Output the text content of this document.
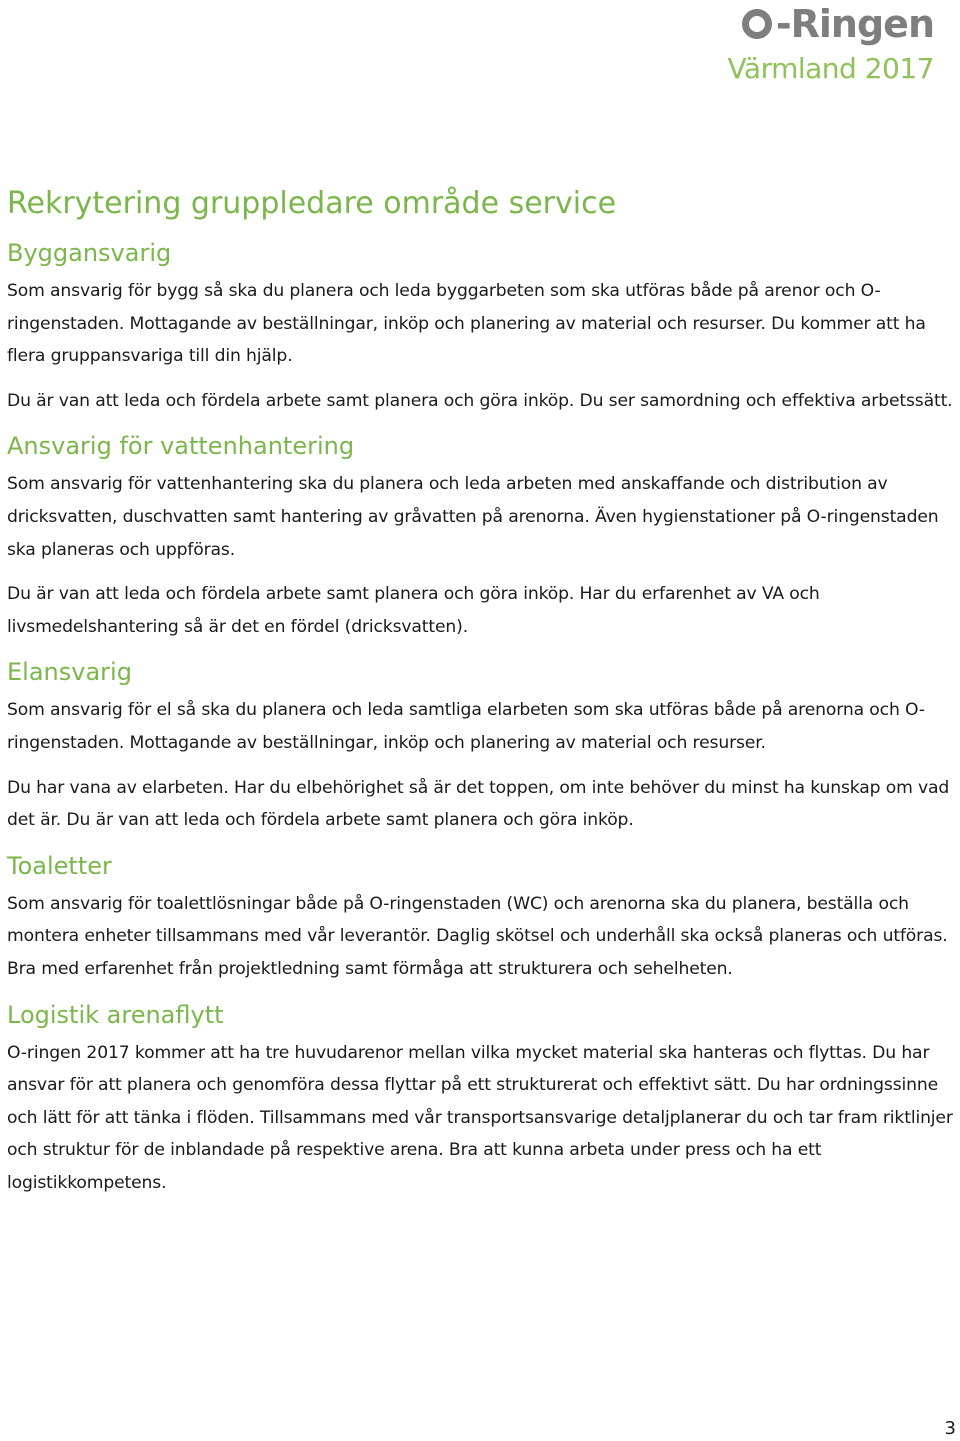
-Ringen
Värmland 2017
Rekrytering gruppledare område service
Byggansvarig

Som ansvarig för bygg så ska du planera och leda byggarbeten som ska utföras både på arenor och O-ringenstaden. Mottagande av beställningar, inköp och planering av material och resurser. Du kommer att ha flera gruppansvariga till din hjälp.

Du är van att leda och fördela arbete samt planera och göra inköp. Du ser samordning och effektiva arbetssätt.

Ansvarig för vattenhantering

Som ansvarig för vattenhantering ska du planera och leda arbeten med anskaffande och distribution av dricksvatten, duschvatten samt hantering av gråvatten på arenorna. Även hygienstationer på O-ringenstaden ska planeras och uppföras.

Du är van att leda och fördela arbete samt planera och göra inköp. Har du erfarenhet av VA och livsmedelshantering så är det en fördel (dricksvatten).

Elansvarig

Som ansvarig för el så ska du planera och leda samtliga elarbeten som ska utföras både på arenorna och O-ringenstaden. Mottagande av beställningar, inköp och planering av material och resurser.

Du har vana av elarbeten. Har du elbehörighet så är det toppen, om inte behöver du minst ha kunskap om vad det är. Du är van att leda och fördela arbete samt planera och göra inköp.

Toaletter

Som ansvarig för toalettlösningar både på O-ringenstaden (WC) och arenorna ska du planera, beställa och montera enheter tillsammans med vår leverantör. Daglig skötsel och underhåll ska också planeras och utföras. Bra med erfarenhet från projektledning samt förmåga att strukturera och sehelheten.

Logistik arenaflytt

O-ringen 2017 kommer att ha tre huvudarenor mellan vilka mycket material ska hanteras och flyttas. Du har ansvar för att planera och genomföra dessa flyttar på ett strukturerat och effektivt sätt. Du har ordningssinne och lätt för att tänka i flöden. Tillsammans med vår transportsansvarige detaljplanerar du och tar fram riktlinjer och struktur för de inblandade på respektive arena. Bra att kunna arbeta under press och ha ett logistikkompetens.

3
